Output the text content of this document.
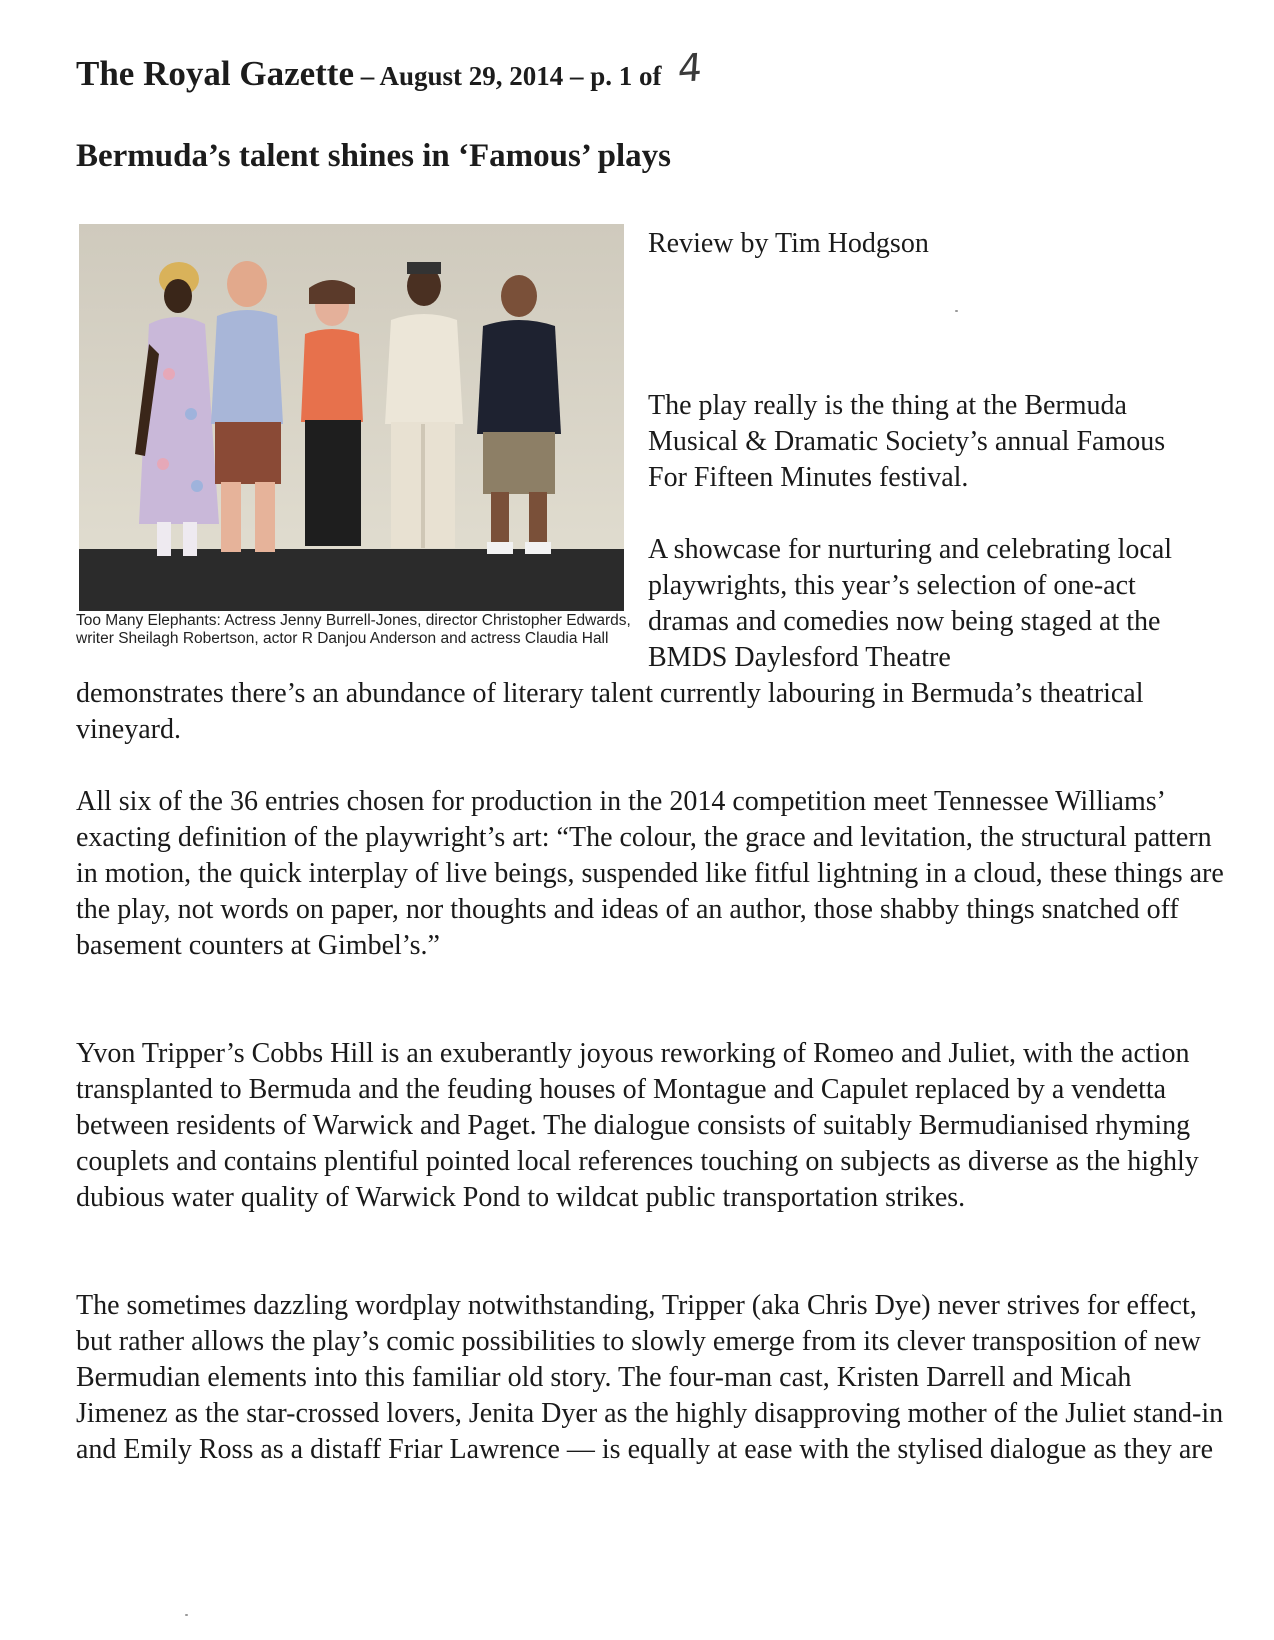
The Royal Gazette – August 29, 2014 – p. 1 of 4
Bermuda’s talent shines in ‘Famous’ plays

Too Many Elephants: Actress Jenny Burrell-Jones, director Christopher Edwards, writer Sheilagh Robertson, actor R Danjou Anderson and actress Claudia Hall

Review by Tim Hodgson

The play really is the thing at the Bermuda Musical & Dramatic Society’s annual Famous For Fifteen Minutes festival.

A showcase for nurturing and celebrating local playwrights, this year’s selection of one-act dramas and comedies now being staged at the BMDS Daylesford Theatre

demonstrates there’s an abundance of literary talent currently labouring in Bermuda’s theatrical vineyard.

All six of the 36 entries chosen for production in the 2014 competition meet Tennessee Williams’ exacting definition of the playwright’s art: “The colour, the grace and levitation, the structural pattern in motion, the quick interplay of live beings, suspended like fitful lightning in a cloud, these things are the play, not words on paper, nor thoughts and ideas of an author, those shabby things snatched off basement counters at Gimbel’s.”

Yvon Tripper’s Cobbs Hill is an exuberantly joyous reworking of Romeo and Juliet, with the action transplanted to Bermuda and the feuding houses of Montague and Capulet replaced by a vendetta between residents of Warwick and Paget. The dialogue consists of suitably Bermudianised rhyming couplets and contains plentiful pointed local references touching on subjects as diverse as the highly dubious water quality of Warwick Pond to wildcat public transportation strikes.

The sometimes dazzling wordplay notwithstanding, Tripper (aka Chris Dye) never strives for effect, but rather allows the play’s comic possibilities to slowly emerge from its clever transposition of new Bermudian elements into this familiar old story. The four-man cast, Kristen Darrell and Micah Jimenez as the star-crossed lovers, Jenita Dyer as the highly disapproving mother of the Juliet stand-in and Emily Ross as a distaff Friar Lawrence — is equally at ease with the stylised dialogue as they are
